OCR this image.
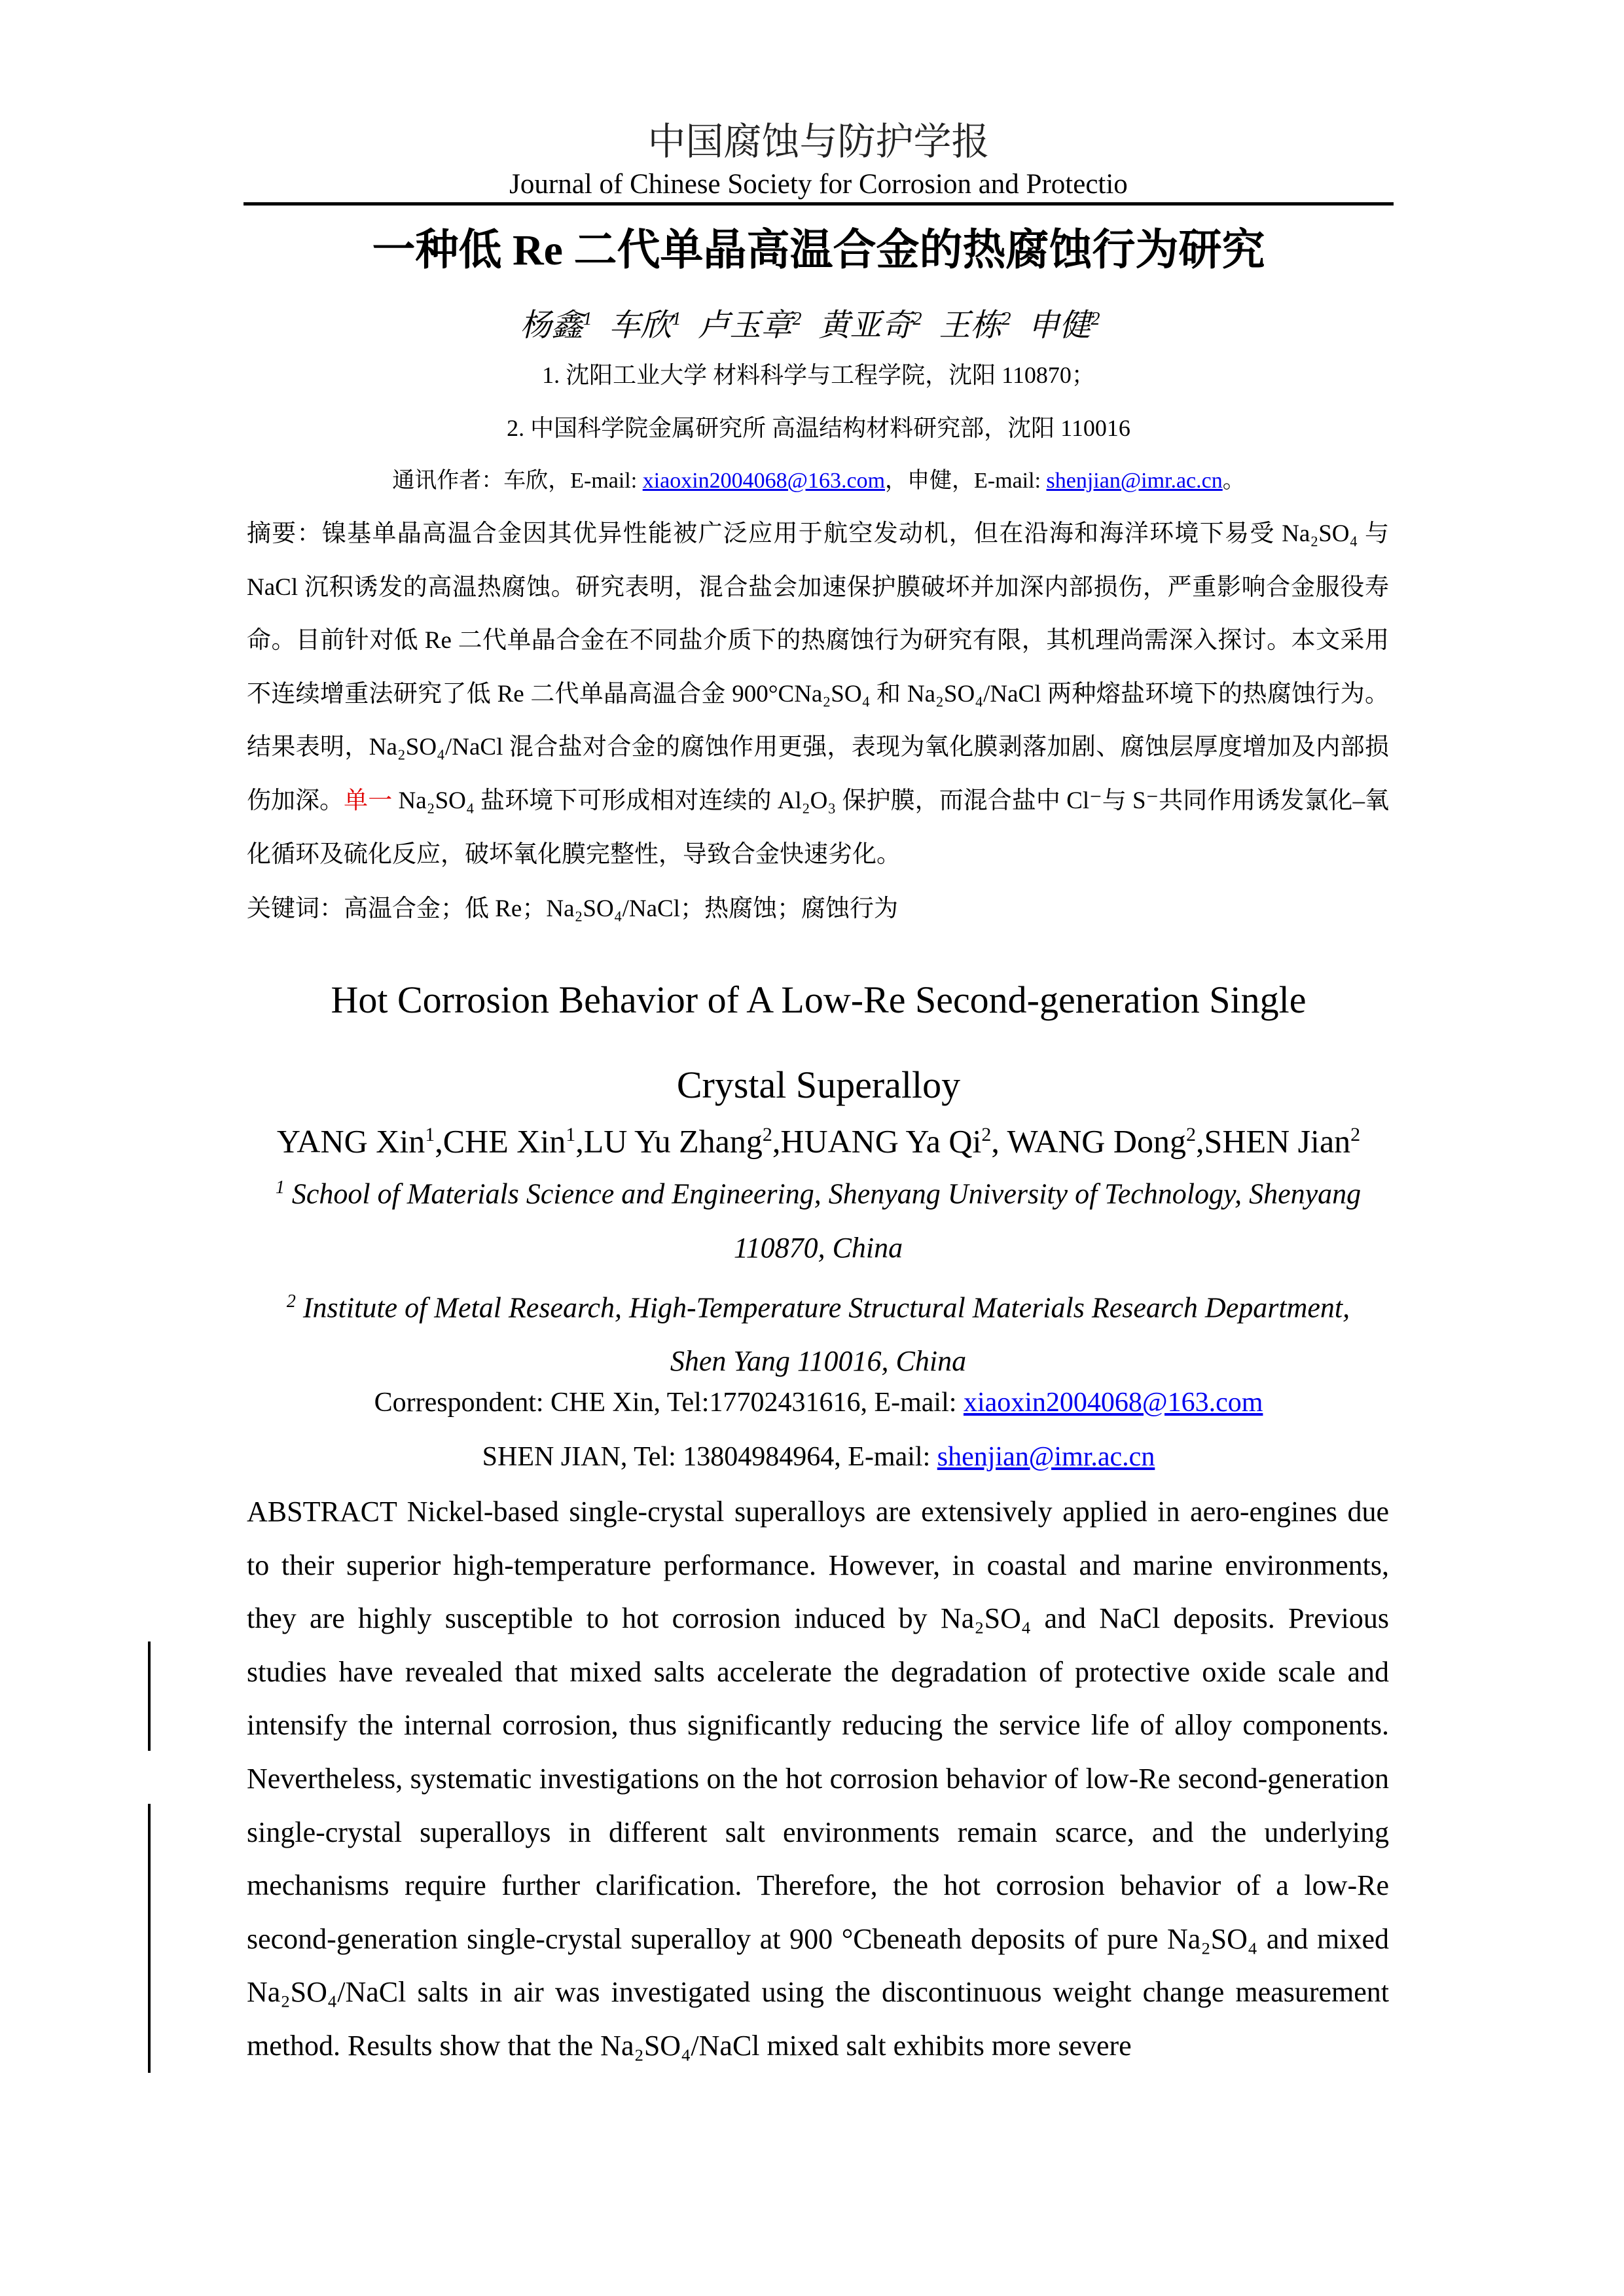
中国腐蚀与防护学报
Journal of Chinese Society for Corrosion and Protectio
一种低 Re 二代单晶高温合金的热腐蚀行为研究
杨鑫$^1$ 车欣$^1$ 卢玉章$^2$ 黄亚奇$^2$ 王栋$^2$ 申健$^2$
1. 沈阳工业大学 材料科学与工程学院，沈阳 110870；
2. 中国科学院金属研究所 高温结构材料研究部，沈阳 110016
通讯作者：车欣，E-mail: xiaoxin2004068@163.com，申健，E-mail: shenjian@imr.ac.cn。
摘要：镍基单晶高温合金因其优异性能被广泛应用于航空发动机，但在沿海和海洋环境下易受 Na₂SO₄ 与 NaCl 沉积诱发的高温热腐蚀。研究表明，混合盐会加速保护膜破坏并加深内部损伤，严重影响合金服役寿命。目前针对低 Re 二代单晶合金在不同盐介质下的热腐蚀行为研究有限，其机理尚需深入探讨。本文采用不连续增重法研究了低 Re 二代单晶高温合金 900°CNa₂SO₄ 和 Na₂SO₄/NaCl 两种熔盐环境下的热腐蚀行为。结果表明，Na₂SO₄/NaCl 混合盐对合金的腐蚀作用更强，表现为氧化膜剥落加剧、腐蚀层厚度增加及内部损伤加深。单一 Na₂SO₄ 盐环境下可形成相对连续的 Al₂O₃ 保护膜，而混合盐中 Cl⁻与 S⁻共同作用诱发氯化–氧化循环及硫化反应，破坏氧化膜完整性，导致合金快速劣化。
关键词：高温合金；低 Re；Na₂SO₄/NaCl；热腐蚀；腐蚀行为
Hot Corrosion Behavior of A Low-Re Second-generation Single
Crystal Superalloy
YANG Xin$^1$,CHE Xin$^1$,LU Yu Zhang$^2$,HUANG Ya Qi$^2$, WANG Dong$^2$,SHEN Jian$^2$
$^1$ School of Materials Science and Engineering, Shenyang University of Technology, Shenyang 110870, China
$^2$ Institute of Metal Research, High-Temperature Structural Materials Research Department, Shen Yang 110016, China
Correspondent: CHE Xin, Tel:17702431616, E-mail: xiaoxin2004068@163.com
SHEN JIAN, Tel: 13804984964, E-mail: shenjian@imr.ac.cn
ABSTRACT Nickel-based single-crystal superalloys are extensively applied in aero-engines due to their superior high-temperature performance. However, in coastal and marine environments, they are highly susceptible to hot corrosion induced by Na₂SO₄ and NaCl deposits. Previous studies have revealed that mixed salts accelerate the degradation of protective oxide scale and intensify the internal corrosion, thus significantly reducing the service life of alloy components. Nevertheless, systematic investigations on the hot corrosion behavior of low-Re second-generation single-crystal superalloys in different salt environments remain scarce, and the underlying mechanisms require further clarification. Therefore, the hot corrosion behavior of a low-Re second-generation single-crystal superalloy at 900 °Cbeneath deposits of pure Na₂SO₄ and mixed Na₂SO₄/NaCl salts in air was investigated using the discontinuous weight change measurement method. Results show that the Na₂SO₄/NaCl mixed salt exhibits more severe
